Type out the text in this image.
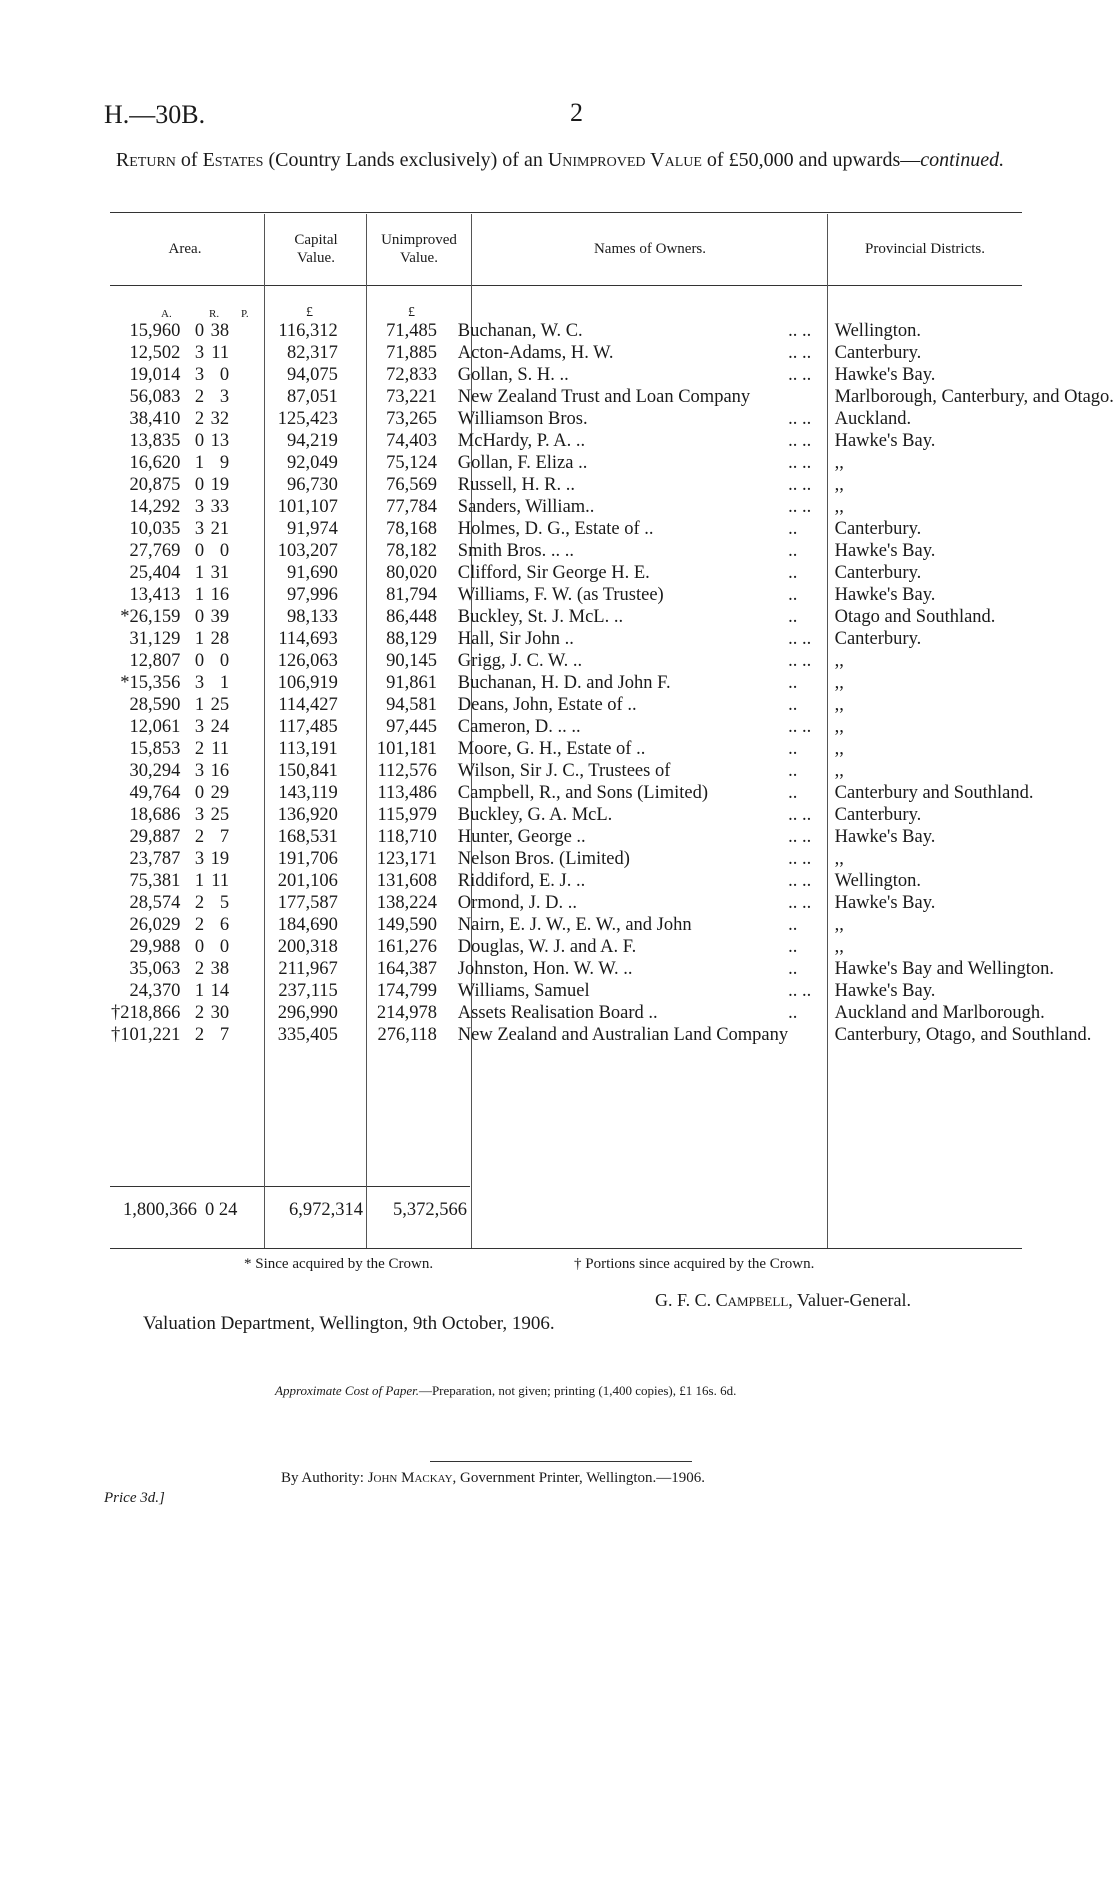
H.—30B.	2
Return of Estates (Country Lands exclusively) of an Unimproved Value of £50,000 and upwards—continued.
Area.
Capital
Value.
Unimproved
Value.
Names of Owners.	Provincial Districts.
A.	R. P.	£	£
15,960	0	38	116,312	71,485		Buchanan, W. C.	.. ..		Wellington.
12,502	3	11	82,317	71,885		Acton-Adams, H. W.	.. ..		Canterbury.
19,014	3	0	94,075	72,833		Gollan, S. H. ..	.. ..		Hawke's Bay.
56,083	2	3	87,051	73,221		New Zealand Trust and Loan Company			Marlborough, Canterbury, and Otago.
38,410	2	32	125,423	73,265		Williamson Bros.	.. ..		Auckland.
13,835	0	13	94,219	74,403		McHardy, P. A. ..	.. ..		Hawke's Bay.
16,620	1	9	92,049	75,124		Gollan, F. Eliza ..	.. ..		,,
20,875	0	19	96,730	76,569		Russell, H. R. ..	.. ..		,,
14,292	3	33	101,107	77,784		Sanders, William..	.. ..		,,
10,035	3	21	91,974	78,168		Holmes, D. G., Estate of ..	..		Canterbury.
27,769	0	0	103,207	78,182		Smith Bros. .. ..	..		Hawke's Bay.
25,404	1	31	91,690	80,020		Clifford, Sir George H. E.	..		Canterbury.
13,413	1	16	97,996	81,794		Williams, F. W. (as Trustee)	..		Hawke's Bay.
*26,159	0	39	98,133	86,448		Buckley, St. J. McL. ..	..		Otago and Southland.
31,129	1	28	114,693	88,129		Hall, Sir John ..	.. ..		Canterbury.
12,807	0	0	126,063	90,145		Grigg, J. C. W. ..	.. ..		,,
*15,356	3	1	106,919	91,861		Buchanan, H. D. and John F.	..		,,
28,590	1	25	114,427	94,581		Deans, John, Estate of ..	..		,,
12,061	3	24	117,485	97,445		Cameron, D. .. ..	.. ..		,,
15,853	2	11	113,191	101,181		Moore, G. H., Estate of ..	..		,,
30,294	3	16	150,841	112,576		Wilson, Sir J. C., Trustees of	..		,,
49,764	0	29	143,119	113,486		Campbell, R., and Sons (Limited)	..		Canterbury and Southland.
18,686	3	25	136,920	115,979		Buckley, G. A. McL.	.. ..		Canterbury.
29,887	2	7	168,531	118,710		Hunter, George ..	.. ..		Hawke's Bay.
23,787	3	19	191,706	123,171		Nelson Bros. (Limited)	.. ..		,,
75,381	1	11	201,106	131,608		Riddiford, E. J. ..	.. ..		Wellington.
28,574	2	5	177,587	138,224		Ormond, J. D. ..	.. ..		Hawke's Bay.
26,029	2	6	184,690	149,590		Nairn, E. J. W., E. W., and John	..		,,
29,988	0	0	200,318	161,276		Douglas, W. J. and A. F.	..		,,
35,063	2	38	211,967	164,387		Johnston, Hon. W. W. ..	..		Hawke's Bay and Wellington.
24,370	1	14	237,115	174,799		Williams, Samuel	.. ..		Hawke's Bay.
†218,866	2	30	296,990	214,978		Assets Realisation Board ..	..		Auckland and Marlborough.
†101,221	2	7	335,405	276,118		New Zealand and Australian Land Company			Canterbury, Otago, and Southland.
1,800,366 0 24	6,972,314	5,372,566
* Since acquired by the Crown.	† Portions since acquired by the Crown.
G. F. C. Campbell, Valuer-General.
Valuation Department, Wellington, 9th October, 1906.
Approximate Cost of Paper.—Preparation, not given; printing (1,400 copies), £1 16s. 6d.
By Authority: John Mackay, Government Printer, Wellington.—1906.
Price 3d.]
